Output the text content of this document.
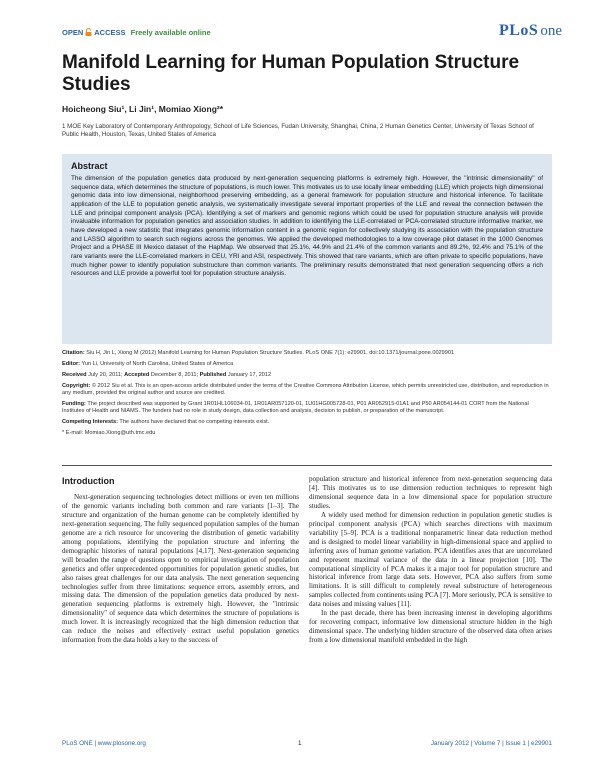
OPEN ACCESS Freely available online	PLoS one
Manifold Learning for Human Population Structure Studies
Hoicheong Siu¹, Li Jin¹, Momiao Xiong²*
1 MOE Key Laboratory of Contemporary Anthropology, School of Life Sciences, Fudan University, Shanghai, China, 2 Human Genetics Center, University of Texas School of Public Health, Houston, Texas, United States of America
Abstract

The dimension of the population genetics data produced by next-generation sequencing platforms is extremely high. However, the "intrinsic dimensionality" of sequence data, which determines the structure of populations, is much lower. This motivates us to use locally linear embedding (LLE) which projects high dimensional genomic data into low dimensional, neighborhood preserving embedding, as a general framework for population structure and historical inference. To facilitate application of the LLE to population genetic analysis, we systematically investigate several important properties of the LLE and reveal the connection between the LLE and principal component analysis (PCA). Identifying a set of markers and genomic regions which could be used for population structure analysis will provide invaluable information for population genetics and association studies. In addition to identifying the LLE-correlated or PCA-correlated structure informative marker, we have developed a new statistic that integrates genomic information content in a genomic region for collectively studying its association with the population structure and LASSO algorithm to search such regions across the genomes. We applied the developed methodologies to a low coverage pilot dataset in the 1000 Genomes Project and a PHASE III Mexico dataset of the HapMap. We observed that 25.1%, 44.9% and 21.4% of the common variants and 89.2%, 92.4% and 75.1% of the rare variants were the LLE-correlated markers in CEU, YRI and ASI, respectively. This showed that rare variants, which are often private to specific populations, have much higher power to identify population substructure than common variants. The preliminary results demonstrated that next generation sequencing offers a rich resources and LLE provide a powerful tool for population structure analysis.

Citation: Siu H, Jin L, Xiong M (2012) Manifold Learning for Human Population Structure Studies. PLoS ONE 7(1): e29901. doi:10.1371/journal.pone.0029901

Editor: Yun Li, University of North Carolina, United States of America

Received July 20, 2011; Accepted December 8, 2011; Published January 17, 2012

Copyright: © 2012 Siu et al. This is an open-access article distributed under the terms of the Creative Commons Attribution License, which permits unrestricted use, distribution, and reproduction in any medium, provided the original author and source are credited.

Funding: The project described was supported by Grant 1R01HL106034-01, 1R01AR057120-01, 1U01HG005728-01, P01 AR052915-01A1 and P50 AR054144-01 CORT from the National Institutes of Health and NIAMS. The funders had no role in study design, data collection and analysis, decision to publish, or preparation of the manuscript.

Competing Interests: The authors have declared that no competing interests exist.

* E-mail: Momiao.Xiong@uth.tmc.edu

Introduction

Next-generation sequencing technologies detect millions or even ten millions of the genomic variants including both common and rare variants [1–3]. The structure and organization of the human genome can be completely identified by next-generation sequencing. The fully sequenced population samples of the human genome are a rich resource for uncovering the distribution of genetic variability among populations, identifying the population structure and inferring the demographic histories of natural populations [4,17]. Next-generation sequencing will broaden the range of questions open to empirical investigation of population genetics and offer unprecedented opportunities for population genetic studies, but also raises great challenges for our data analysis. The next generation sequencing technologies suffer from three limitations: sequence errors, assembly errors, and missing data. The dimension of the population genetics data produced by next-generation sequencing platforms is extremely high. However, the "intrinsic dimensionality" of sequence data which determines the structure of populations is much lower. It is increasingly recognized that the high dimension reduction that can reduce the noises and effectively extract useful population genetics information from the data holds a key to the success of

population structure and historical inference from next-generation sequencing data [4]. This motivates us to use dimension reduction techniques to represent high dimensional sequence data in a low dimensional space for population structure studies.

A widely used method for dimension reduction in population genetic studies is principal component analysis (PCA) which searches directions with maximum variability [5–9]. PCA is a traditional nonparametric linear data reduction method and is designed to model linear variability in high-dimensional space and applied to inferring axes of human genome variation. PCA identifies axes that are uncorrelated and represent maximal variance of the data in a linear projection [10]. The computational simplicity of PCA makes it a major tool for population structure and historical inference from large data sets. However, PCA also suffers from some limitations. It is still difficult to completely reveal substructure of heterogeneous samples collected from continents using PCA [7]. More seriously, PCA is sensitive to data noises and missing values [11].

In the past decade, there has been increasing interest in developing algorithms for recovering compact, informative low dimensional structure hidden in the high dimensional space. The underlying hidden structure of the observed data often arises from a low dimensional manifold embedded in the high

PLoS ONE | www.plosone.org	1	January 2012 | Volume 7 | Issue 1 | e29901
